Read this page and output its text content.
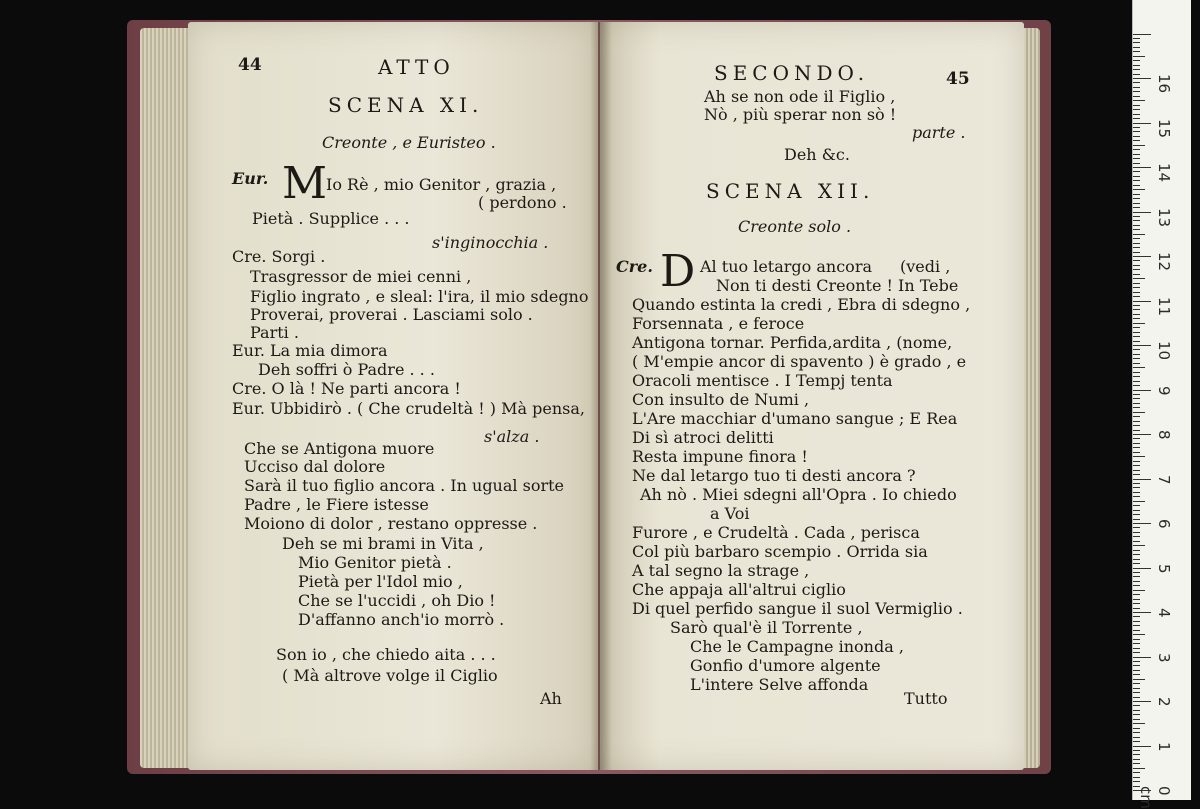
44	ATTO
SCENA XI.
Creonte , e Euristeo .
Eur. M
Io Rè , mio Genitor , grazia ,
( perdono .
Pietà . Supplice . . .
s'inginocchia .
Cre. Sorgi .
Trasgressor de miei cenni ,
Figlio ingrato , e sleal: l'ira, il mio sdegno
Proverai, proverai . Lasciami solo .
Parti .
Eur. La mia dimora
Deh soffri ò Padre . . .
Cre. O là ! Ne parti ancora !
Eur. Ubbidirò . ( Che crudeltà ! ) Mà pensa,
s'alza .
Che se Antigona muore
Ucciso dal dolore
Sarà il tuo figlio ancora . In ugual sorte
Padre , le Fiere istesse
Moiono di dolor , restano oppresse .
Deh se mi brami in Vita ,
Mio Genitor pietà .
Pietà per l'Idol mio ,
Che se l'uccidi , oh Dio !
D'affanno anch'io morrò .
Son io , che chiedo aita . . .
( Mà altrove volge il Ciglio
Ah
SECONDO.	45
Ah se non ode il Figlio ,
Nò , più sperar non sò !
parte .
Deh &c.
SCENA XII.
Creonte solo .
Cre. D Al tuo letargo ancora (vedi ,
Non ti desti Creonte ! In Tebe
Quando estinta la credi , Ebra di sdegno ,
Forsennata , e feroce
Antigona tornar. Perfida,ardita , (nome,
( M'empie ancor di spavento ) è grado , e
Oracoli mentisce . I Tempj tenta
Con insulto de Numi ,
L'Are macchiar d'umano sangue ; E Rea
Di sì atroci delitti
Resta impune finora !
Ne dal letargo tuo ti desti ancora ?
Ah nò . Miei sdegni all'Opra . Io chiedo
a Voi
Furore , e Crudeltà . Cada , perisca
Col più barbaro scempio . Orrida sia
A tal segno la strage ,
Che appaja all'altrui ciglio
Di quel perfido sangue il suol Vermiglio .
Sarò qual'è il Torrente ,
Che le Campagne inonda ,
Gonfio d'umore algente
L'intere Selve affonda
Tutto
0 cm
1
2
3
4
5
6
7
8
9
10
11
12
13
14
15
16
